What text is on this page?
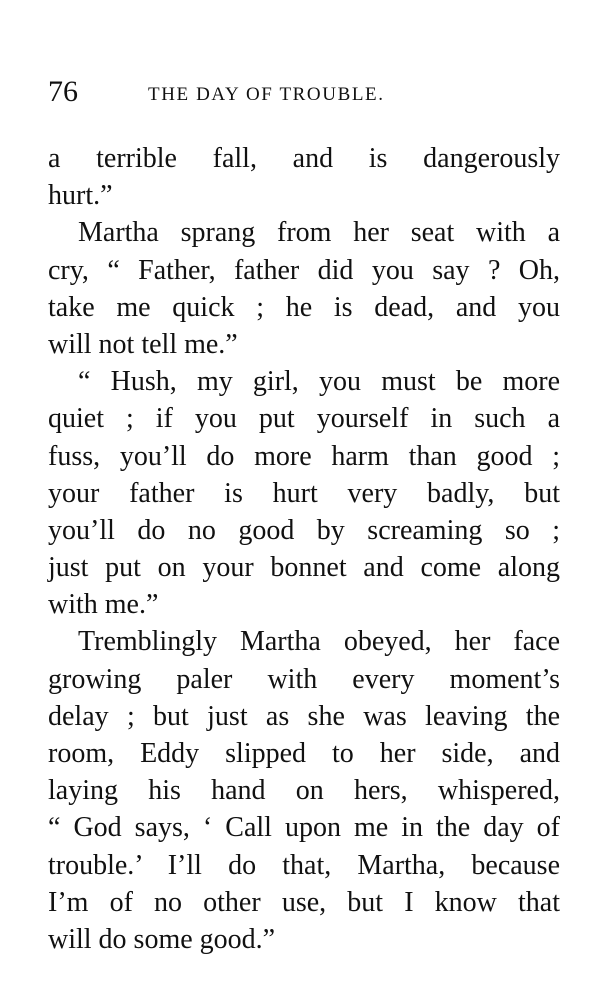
76	THE DAY OF TROUBLE.
a terrible fall, and is dangerously
hurt.”
Martha sprang from her seat with a
cry, “ Father, father did you say ? Oh,
take me quick ; he is dead, and you
will not tell me.”
“ Hush, my girl, you must be more
quiet ; if you put yourself in such a
fuss, you’ll do more harm than good ;
your father is hurt very badly, but
you’ll do no good by screaming so ;
just put on your bonnet and come along
with me.”
Tremblingly Martha obeyed, her face
growing paler with every moment’s
delay ; but just as she was leaving the
room, Eddy slipped to her side, and
laying his hand on hers, whispered,
“ God says, ‘ Call upon me in the day of
trouble.’ I’ll do that, Martha, because
I’m of no other use, but I know that
will do some good.”
